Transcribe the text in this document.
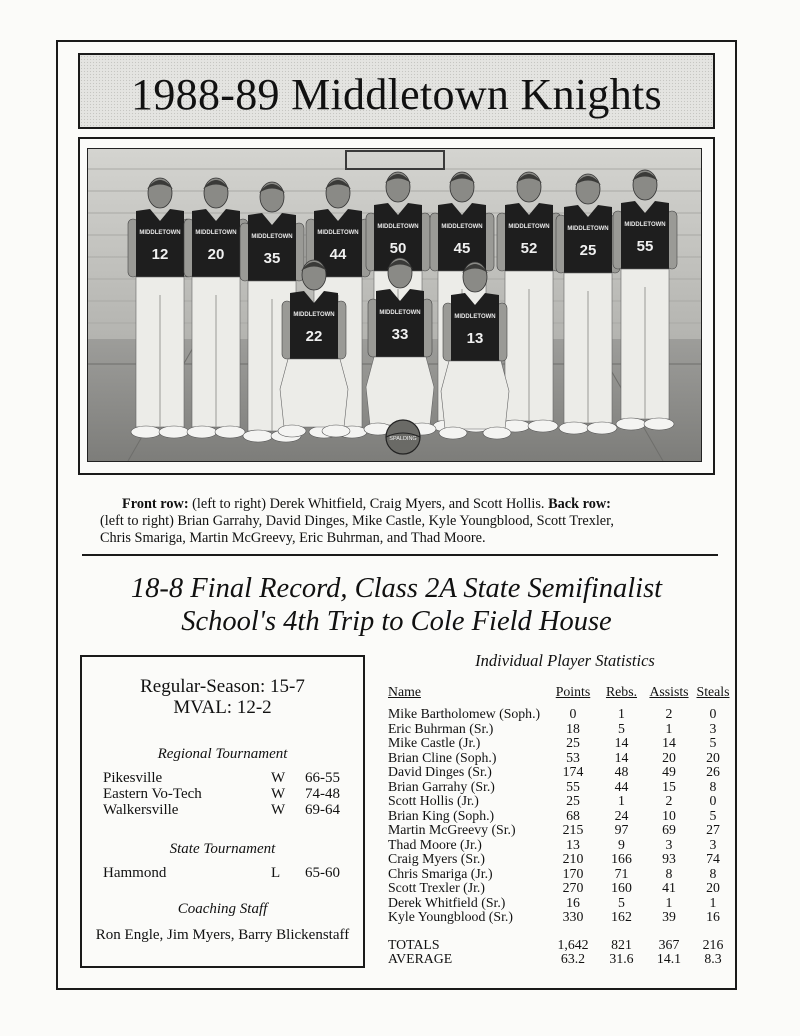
1988-89 Middletown Knights
MIDDLETOWN
12
MIDDLETOWN
20
MIDDLETOWN
35
MIDDLETOWN
44
MIDDLETOWN
50
MIDDLETOWN
45
MIDDLETOWN
52
MIDDLETOWN
25
MIDDLETOWN
55
MIDDLETOWN
22
MIDDLETOWN
33
MIDDLETOWN
13
SPALDING
Front row: (left to right) Derek Whitfield, Craig Myers, and Scott Hollis. Back row:
(left to right) Brian Garrahy, David Dinges, Mike Castle, Kyle Youngblood, Scott Trexler,
Chris Smariga, Martin McGreevy, Eric Buhrman, and Thad Moore.
18-8 Final Record, Class 2A State Semifinalist
School's 4th Trip to Cole Field House
Regular-Season: 15-7
MVAL: 12-2
Regional Tournament
Pikesville	W 66-55
Eastern Vo-Tech	W 74-48
Walkersville	W 69-64
State Tournament
Hammond	L 65-60
Coaching Staff
Ron Engle, Jim Myers, Barry Blickenstaff
Individual Player Statistics
Name	Points	Rebs.	Assists	Steals
Mike Bartholomew (Soph.)	0	1	2	0
Eric Buhrman (Sr.)	18	5	1	3
Mike Castle (Jr.)	25	14	14	5
Brian Cline (Soph.)	53	14	20	20
David Dinges (Sr.)	174	48	49	26
Brian Garrahy (Sr.)	55	44	15	8
Scott Hollis (Jr.)	25	1	2	0
Brian King (Soph.)	68	24	10	5
Martin McGreevy (Sr.)	215	97	69	27
Thad Moore (Jr.)	13	9	3	3
Craig Myers (Sr.)	210	166	93	74
Chris Smariga (Jr.)	170	71	8	8
Scott Trexler (Jr.)	270	160	41	20
Derek Whitfield (Sr.)	16	5	1	1
Kyle Youngblood (Sr.)	330	162	39	16
TOTALS	1,642	821	367	216
AVERAGE	63.2	31.6	14.1	8.3
